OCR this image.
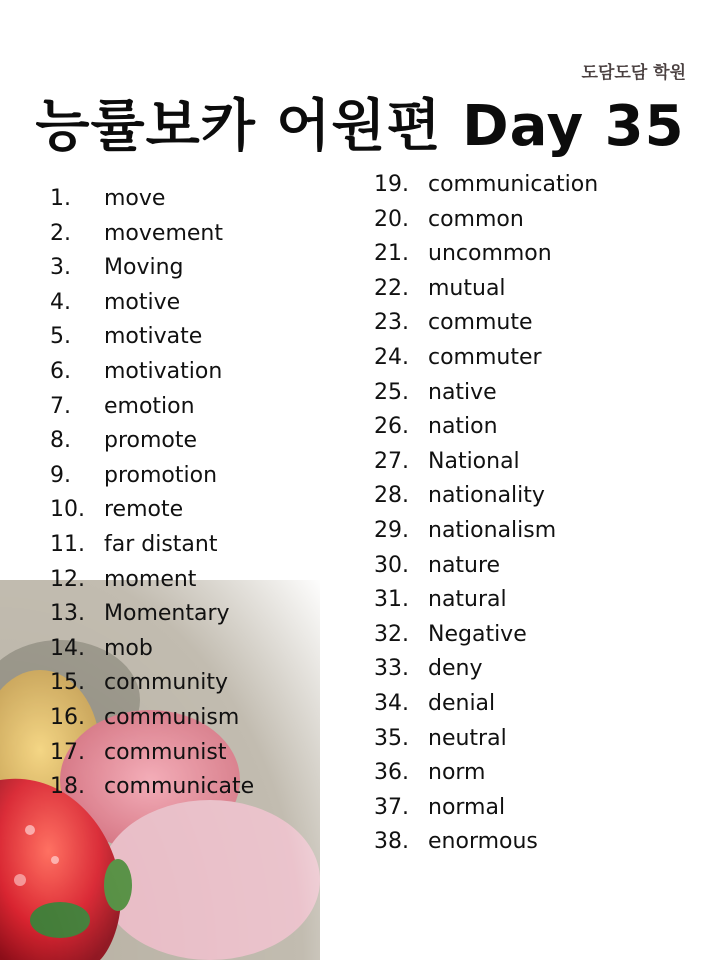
도담도담 학원
능률보카 어원편 Day 35
1. move
2. movement
3. Moving
4. motive
5. motivate
6. motivation
7. emotion
8. promote
9. promotion
10. remote
11. far distant
12. moment
13. Momentary
14. mob
15. community
16. communism
17. communist
18. communicate
19. communication
20. common
21. uncommon
22. mutual
23. commute
24. commuter
25. native
26. nation
27. National
28. nationality
29. nationalism
30. nature
31. natural
32. Negative
33. deny
34. denial
35. neutral
36. norm
37. normal
38. enormous
